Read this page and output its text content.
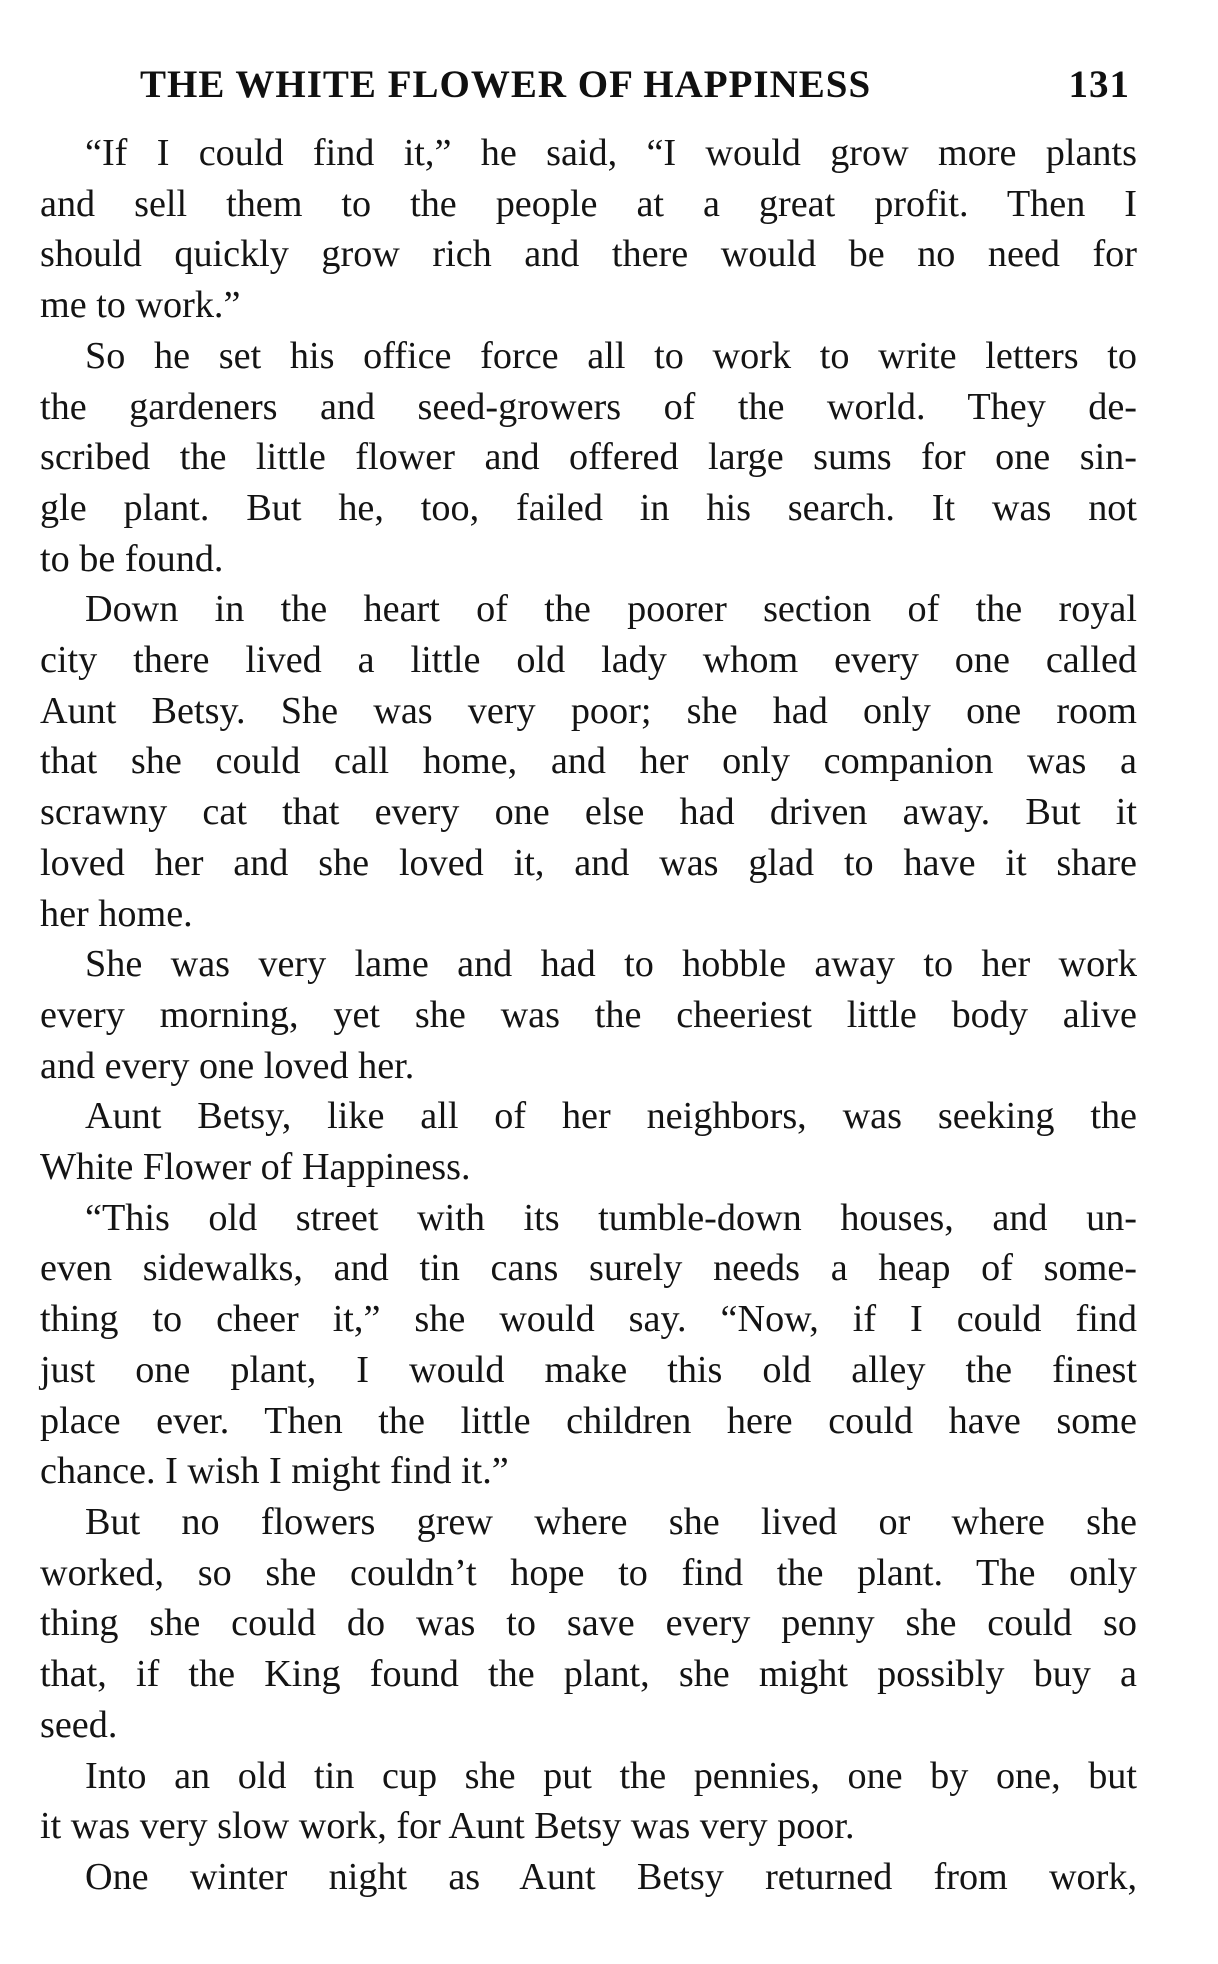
THE WHITE FLOWER OF HAPPINESS	131

“If I could find it,” he said, “I would grow more plants
and sell them to the people at a great profit. Then I
should quickly grow rich and there would be no need for
me to work.”

So he set his office force all to work to write letters to
the gardeners and seed-growers of the world. They de-
scribed the little flower and offered large sums for one sin-
gle plant. But he, too, failed in his search. It was not
to be found.

Down in the heart of the poorer section of the royal
city there lived a little old lady whom every one called
Aunt Betsy. She was very poor; she had only one room
that she could call home, and her only companion was a
scrawny cat that every one else had driven away. But it
loved her and she loved it, and was glad to have it share
her home.

She was very lame and had to hobble away to her work
every morning, yet she was the cheeriest little body alive
and every one loved her.

Aunt Betsy, like all of her neighbors, was seeking the
White Flower of Happiness.

“This old street with its tumble-down houses, and un-
even sidewalks, and tin cans surely needs a heap of some-
thing to cheer it,” she would say. “Now, if I could find
just one plant, I would make this old alley the finest
place ever. Then the little children here could have some
chance. I wish I might find it.”

But no flowers grew where she lived or where she
worked, so she couldn’t hope to find the plant. The only
thing she could do was to save every penny she could so
that, if the King found the plant, she might possibly buy a
seed.

Into an old tin cup she put the pennies, one by one, but
it was very slow work, for Aunt Betsy was very poor.

One winter night as Aunt Betsy returned from work,
